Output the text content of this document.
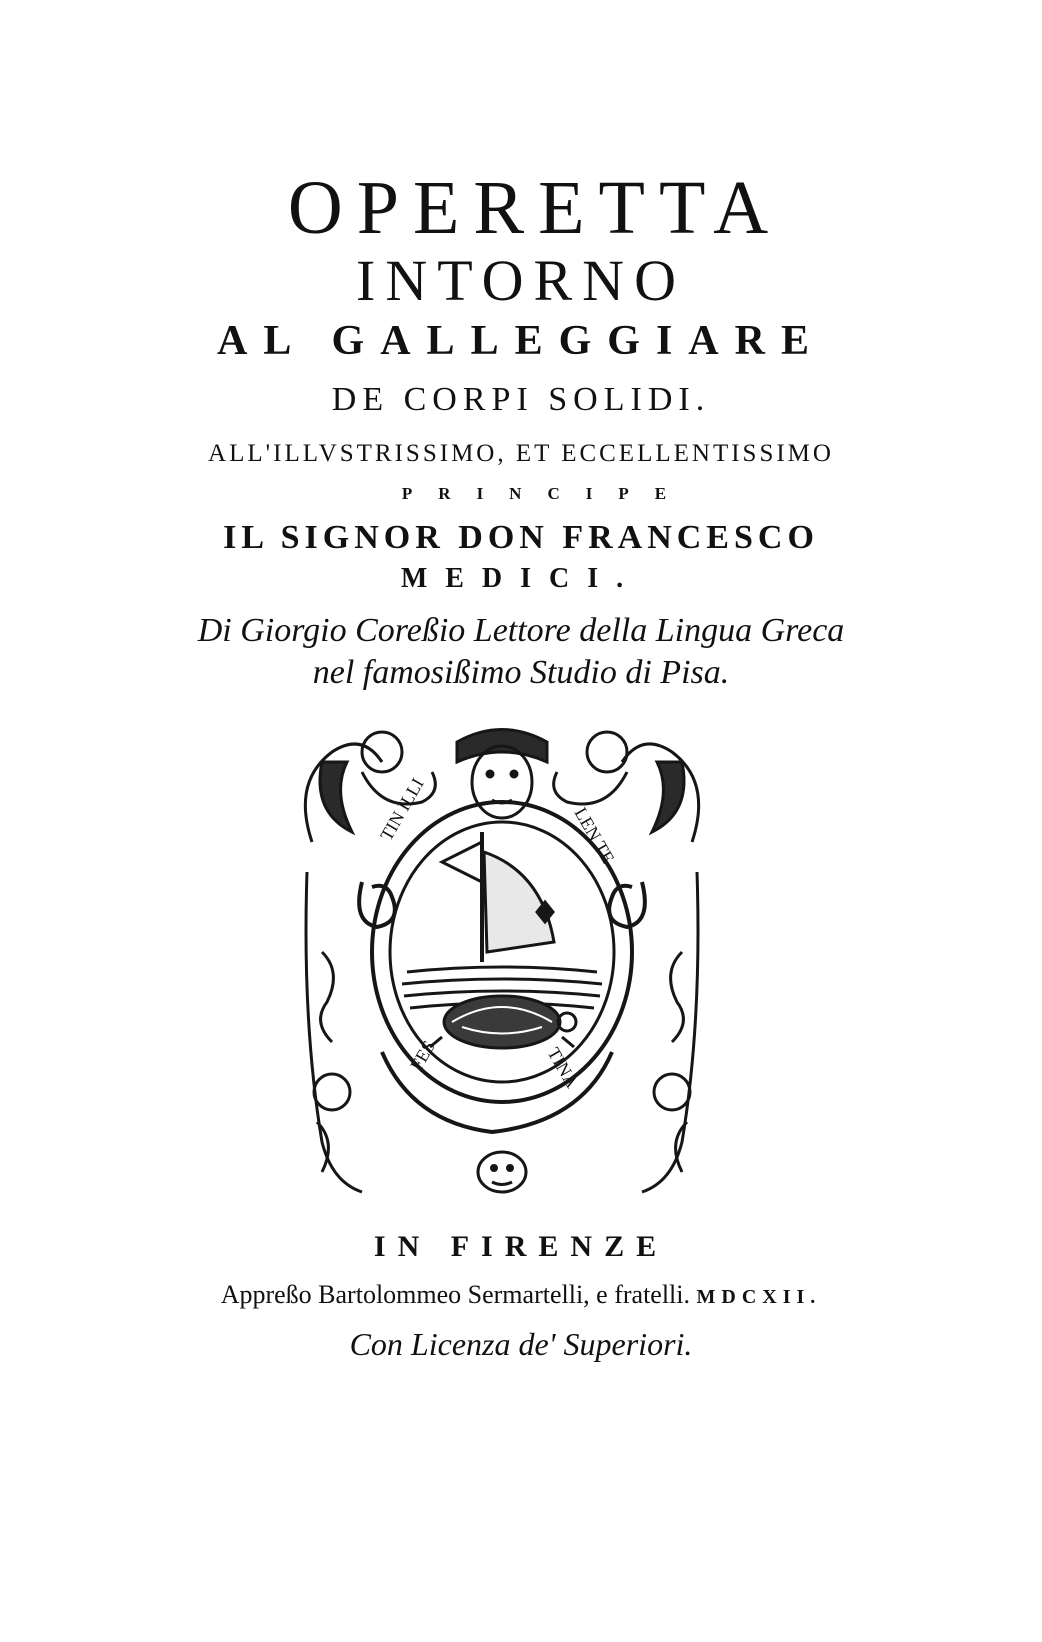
OPERETTA
INTORNO
AL GALLEGGIARE
DE CORPI SOLIDI.
ALL'ILLVSTRISSIMO, ET ECCELLENTISSIMO
PRINCIPE
IL SIGNOR DON FRANCESCO
MEDICI.
Di Giorgio Coreßio Lettore della Lingua Greca
nel famosißimo Studio di Pisa.
TIN ILLI	LEN TE
FES	TINA
IN FIRENZE
Appreßo Bartolommeo Sermartelli, e fratelli. MDCXII.
Con Licenza de' Superiori.
